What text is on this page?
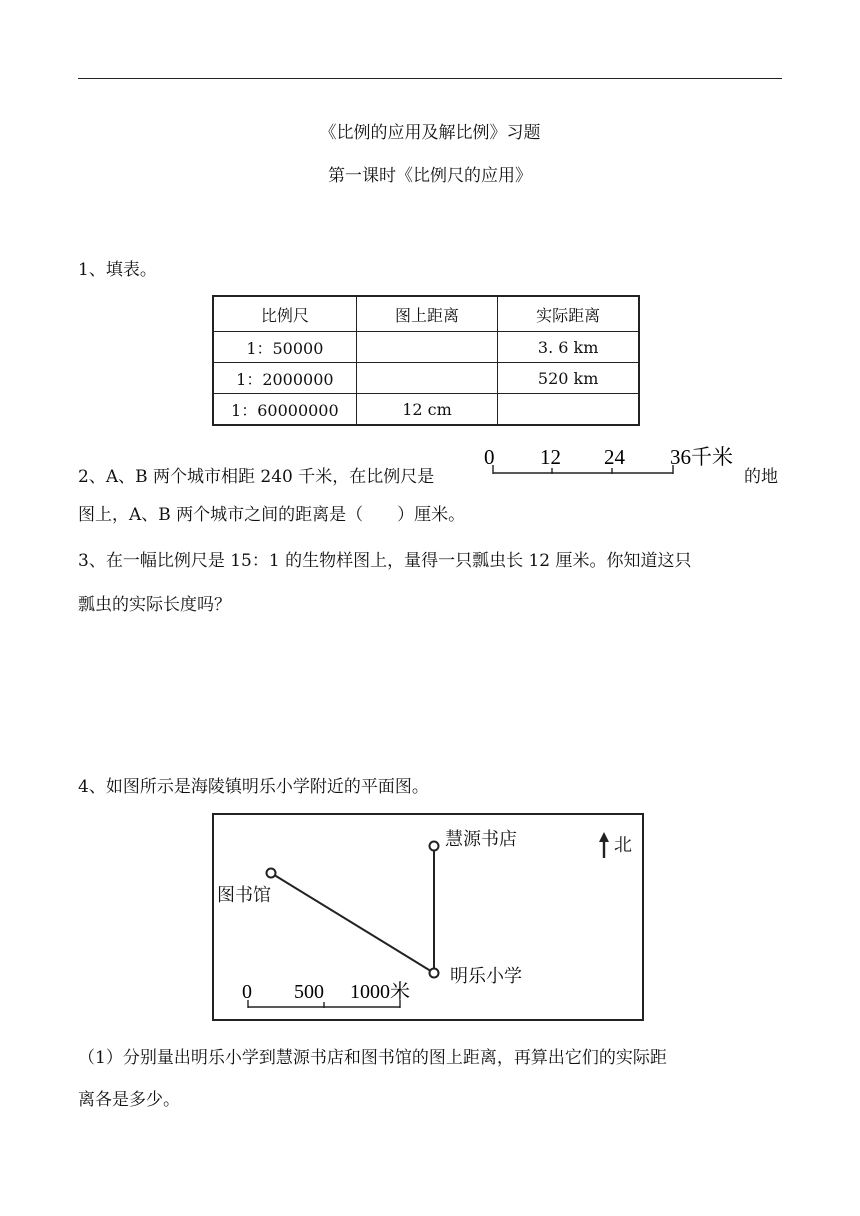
《比例的应用及解比例》习题
第一课时《比例尺的应用》
1、填表。
比例尺	图上距离	实际距离
1：50000		3. 6 km
1：2000000		520 km
1：60000000	12 cm	
2、A、B 两个城市相距 240 千米，在比例尺是
0 12 24 36千米
的地
图上，A、B 两个城市之间的距离是（　　）厘米。
3、在一幅比例尺是 15：1 的生物样图上，量得一只瓢虫长 12 厘米。你知道这只
瓢虫的实际长度吗？
4、如图所示是海陵镇明乐小学附近的平面图。
0 500 1000米
慧源书店
图书馆
明乐小学
北
（1）分别量出明乐小学到慧源书店和图书馆的图上距离，再算出它们的实际距
离各是多少。
